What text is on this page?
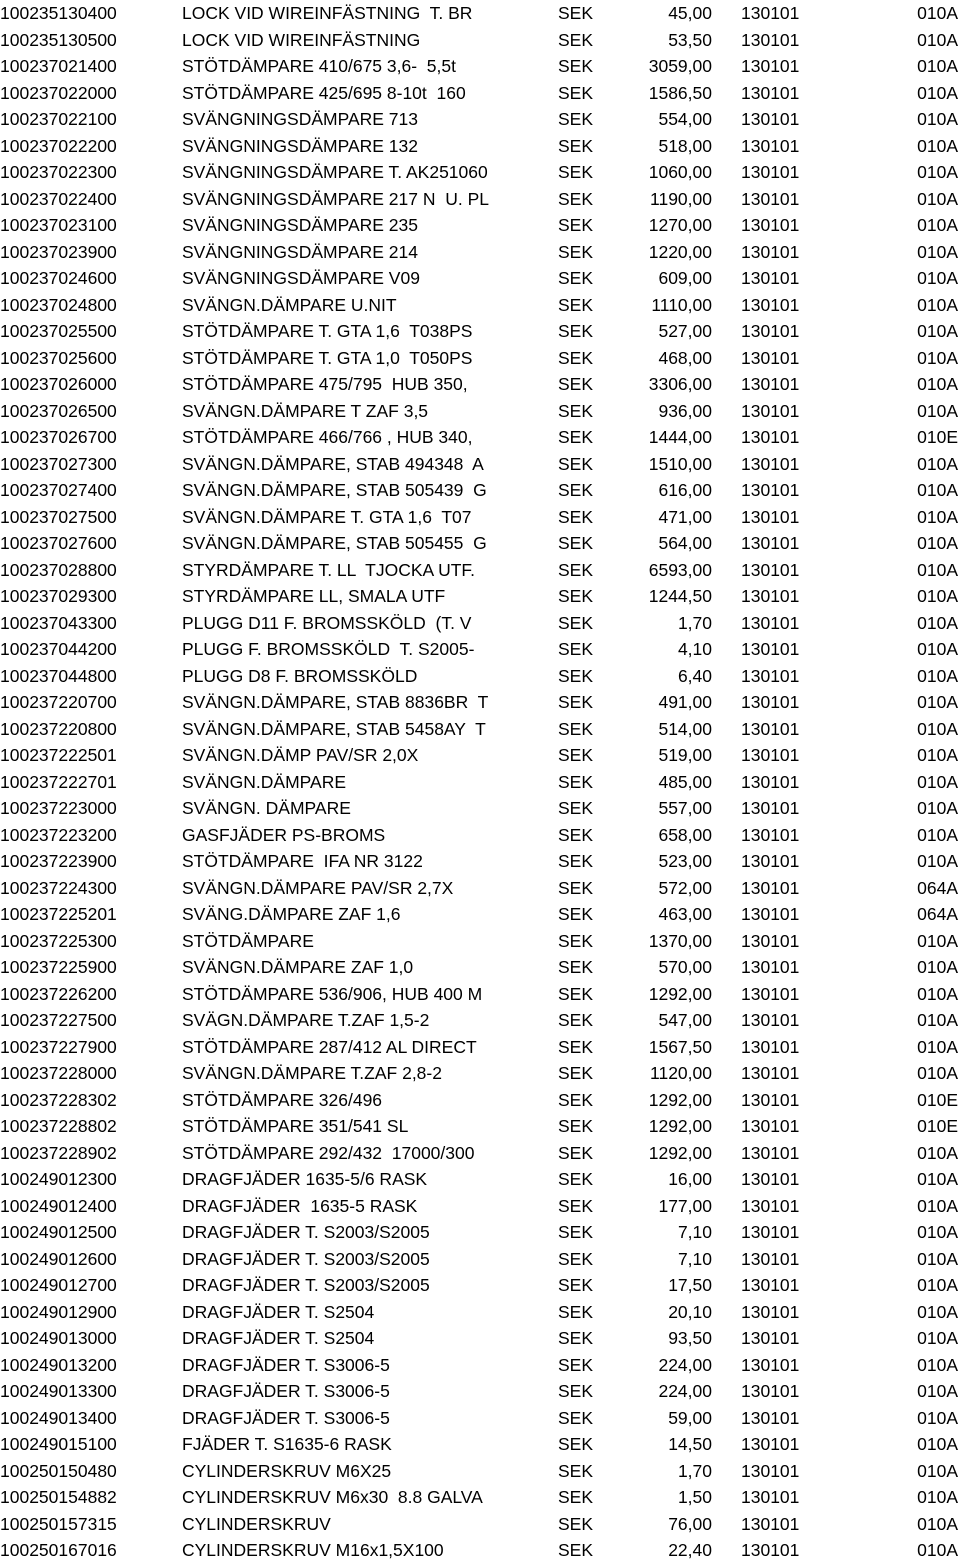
100235130400	LOCK VID WIREINFÄSTNING  T. BR	SEK	45,00 130101	010A
100235130500	LOCK VID WIREINFÄSTNING	SEK	53,50 130101	010A
100237021400	STÖTDÄMPARE 410/675 3,6-  5,5t	SEK	3059,00 130101	010A
100237022000	STÖTDÄMPARE 425/695 8-10t  160	SEK	1586,50 130101	010A
100237022100	SVÄNGNINGSDÄMPARE 713	SEK	554,00 130101	010A
100237022200	SVÄNGNINGSDÄMPARE 132	SEK	518,00 130101	010A
100237022300	SVÄNGNINGSDÄMPARE T. AK251060	SEK	1060,00 130101	010A
100237022400	SVÄNGNINGSDÄMPARE 217 N  U. PL	SEK	1190,00 130101	010A
100237023100	SVÄNGNINGSDÄMPARE 235	SEK	1270,00 130101	010A
100237023900	SVÄNGNINGSDÄMPARE 214	SEK	1220,00 130101	010A
100237024600	SVÄNGNINGSDÄMPARE V09	SEK	609,00 130101	010A
100237024800	SVÄNGN.DÄMPARE U.NIT	SEK	1110,00 130101	010A
100237025500	STÖTDÄMPARE T. GTA 1,6  T038PS	SEK	527,00 130101	010A
100237025600	STÖTDÄMPARE T. GTA 1,0  T050PS	SEK	468,00 130101	010A
100237026000	STÖTDÄMPARE 475/795  HUB 350,	SEK	3306,00 130101	010A
100237026500	SVÄNGN.DÄMPARE T ZAF 3,5	SEK	936,00 130101	010A
100237026700	STÖTDÄMPARE 466/766 , HUB 340,	SEK	1444,00 130101	010E
100237027300	SVÄNGN.DÄMPARE, STAB 494348  A	SEK	1510,00 130101	010A
100237027400	SVÄNGN.DÄMPARE, STAB 505439  G	SEK	616,00 130101	010A
100237027500	SVÄNGN.DÄMPARE T. GTA 1,6  T07	SEK	471,00 130101	010A
100237027600	SVÄNGN.DÄMPARE, STAB 505455  G	SEK	564,00 130101	010A
100237028800	STYRDÄMPARE T. LL  TJOCKA UTF.	SEK	6593,00 130101	010A
100237029300	STYRDÄMPARE LL, SMALA UTF	SEK	1244,50 130101	010A
100237043300	PLUGG D11 F. BROMSSKÖLD  (T. V	SEK	1,70 130101	010A
100237044200	PLUGG F. BROMSSKÖLD  T. S2005-	SEK	4,10 130101	010A
100237044800	PLUGG D8 F. BROMSSKÖLD	SEK	6,40 130101	010A
100237220700	SVÄNGN.DÄMPARE, STAB 8836BR  T	SEK	491,00 130101	010A
100237220800	SVÄNGN.DÄMPARE, STAB 5458AY  T	SEK	514,00 130101	010A
100237222501	SVÄNGN.DÄMP PAV/SR 2,0X	SEK	519,00 130101	010A
100237222701	SVÄNGN.DÄMPARE	SEK	485,00 130101	010A
100237223000	SVÄNGN. DÄMPARE	SEK	557,00 130101	010A
100237223200	GASFJÄDER PS-BROMS	SEK	658,00 130101	010A
100237223900	STÖTDÄMPARE  IFA NR 3122	SEK	523,00 130101	010A
100237224300	SVÄNGN.DÄMPARE PAV/SR 2,7X	SEK	572,00 130101	064A
100237225201	SVÄNG.DÄMPARE ZAF 1,6	SEK	463,00 130101	064A
100237225300	STÖTDÄMPARE	SEK	1370,00 130101	010A
100237225900	SVÄNGN.DÄMPARE ZAF 1,0	SEK	570,00 130101	010A
100237226200	STÖTDÄMPARE 536/906, HUB 400 M	SEK	1292,00 130101	010A
100237227500	SVÄGN.DÄMPARE T.ZAF 1,5-2	SEK	547,00 130101	010A
100237227900	STÖTDÄMPARE 287/412 AL DIRECT	SEK	1567,50 130101	010A
100237228000	SVÄNGN.DÄMPARE T.ZAF 2,8-2	SEK	1120,00 130101	010A
100237228302	STÖTDÄMPARE 326/496	SEK	1292,00 130101	010E
100237228802	STÖTDÄMPARE 351/541 SL	SEK	1292,00 130101	010E
100237228902	STÖTDÄMPARE 292/432  17000/300	SEK	1292,00 130101	010A
100249012300	DRAGFJÄDER 1635-5/6 RASK	SEK	16,00 130101	010A
100249012400	DRAGFJÄDER  1635-5 RASK	SEK	177,00 130101	010A
100249012500	DRAGFJÄDER T. S2003/S2005	SEK	7,10 130101	010A
100249012600	DRAGFJÄDER T. S2003/S2005	SEK	7,10 130101	010A
100249012700	DRAGFJÄDER T. S2003/S2005	SEK	17,50 130101	010A
100249012900	DRAGFJÄDER T. S2504	SEK	20,10 130101	010A
100249013000	DRAGFJÄDER T. S2504	SEK	93,50 130101	010A
100249013200	DRAGFJÄDER T. S3006-5	SEK	224,00 130101	010A
100249013300	DRAGFJÄDER T. S3006-5	SEK	224,00 130101	010A
100249013400	DRAGFJÄDER T. S3006-5	SEK	59,00 130101	010A
100249015100	FJÄDER T. S1635-6 RASK	SEK	14,50 130101	010A
100250150480	CYLINDERSKRUV M6X25	SEK	1,70 130101	010A
100250154882	CYLINDERSKRUV M6x30  8.8 GALVA	SEK	1,50 130101	010A
100250157315	CYLINDERSKRUV	SEK	76,00 130101	010A
100250167016	CYLINDERSKRUV M16x1,5X100	SEK	22,40 130101	010A
